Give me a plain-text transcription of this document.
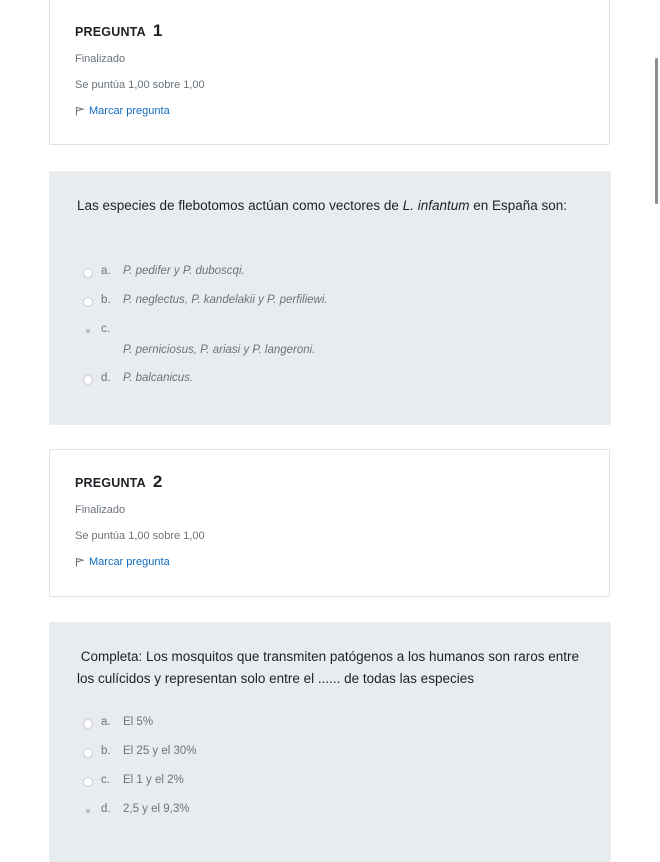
PREGUNTA 1
Finalizado
Se puntúa 1,00 sobre 1,00
Marcar pregunta
Las especies de flebotomos actúan como vectores de L. infantum en España son:
a. P. pedifer y P. duboscqi.
b. P. neglectus, P. kandelakii y P. perfiliewi.
c.
P. perniciosus, P. ariasi y P. langeroni.
d. P. balcanicus.
PREGUNTA 2
Finalizado
Se puntúa 1,00 sobre 1,00
Marcar pregunta
Completa: Los mosquitos que transmiten patógenos a los humanos son raros entre los culícidos y representan solo entre el ...... de todas las especies
a. El 5%
b. El 25 y el 30%
c. El 1 y el 2%
d. 2,5 y el 9,3%
